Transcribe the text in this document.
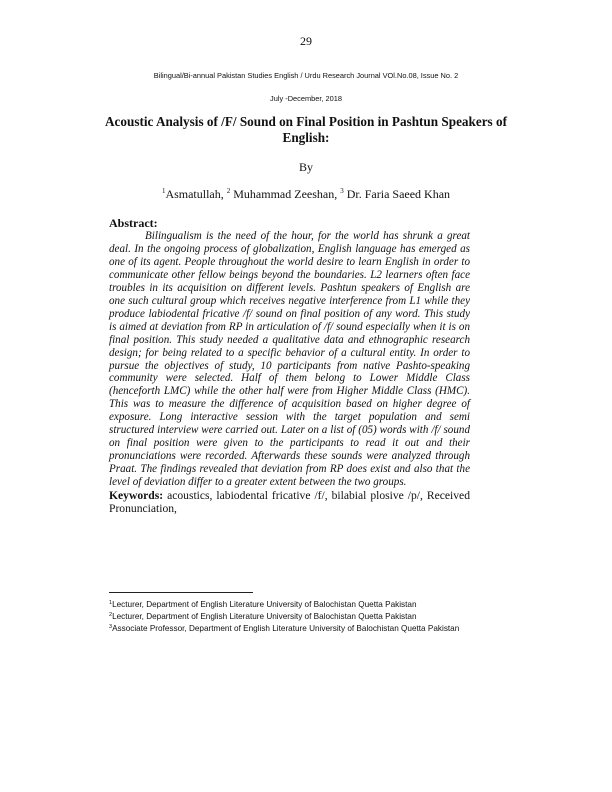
29
Bilingual/Bi-annual Pakistan Studies English / Urdu Research Journal VOl.No.08, Issue No. 2
July -December, 2018
Acoustic Analysis of /F/ Sound on Final Position in Pashtun Speakers of English:
By
$^1$Asmatullah, $^2$ Muhammad Zeeshan, $^3$ Dr. Faria Saeed Khan
Abstract:

Bilingualism is the need of the hour, for the world has shrunk a great deal. In the ongoing process of globalization, English language has emerged as one of its agent. People throughout the world desire to learn English in order to communicate other fellow beings beyond the boundaries. L2 learners often face troubles in its acquisition on different levels. Pashtun speakers of English are one such cultural group which receives negative interference from L1 while they produce labiodental fricative /f/ sound on final position of any word. This study is aimed at deviation from RP in articulation of /f/ sound especially when it is on final position. This study needed a qualitative data and ethnographic research design; for being related to a specific behavior of a cultural entity. In order to pursue the objectives of study, 10 participants from native Pashto-speaking community were selected. Half of them belong to Lower Middle Class (henceforth LMC) while the other half were from Higher Middle Class (HMC). This was to measure the difference of acquisition based on higher degree of exposure. Long interactive session with the target population and semi structured interview were carried out. Later on a list of (05) words with /f/ sound on final position were given to the participants to read it out and their pronunciations were recorded. Afterwards these sounds were analyzed through Praat. The findings revealed that deviation from RP does exist and also that the level of deviation differ to a greater extent between the two groups.

Keywords: acoustics, labiodental fricative /f/, bilabial plosive /p/, Received Pronunciation,

$^1$Lecturer, Department of English Literature University of Balochistan Quetta Pakistan

$^2$Lecturer, Department of English Literature University of Balochistan Quetta Pakistan

$^3$Associate Professor, Department of English Literature University of Balochistan Quetta Pakistan
